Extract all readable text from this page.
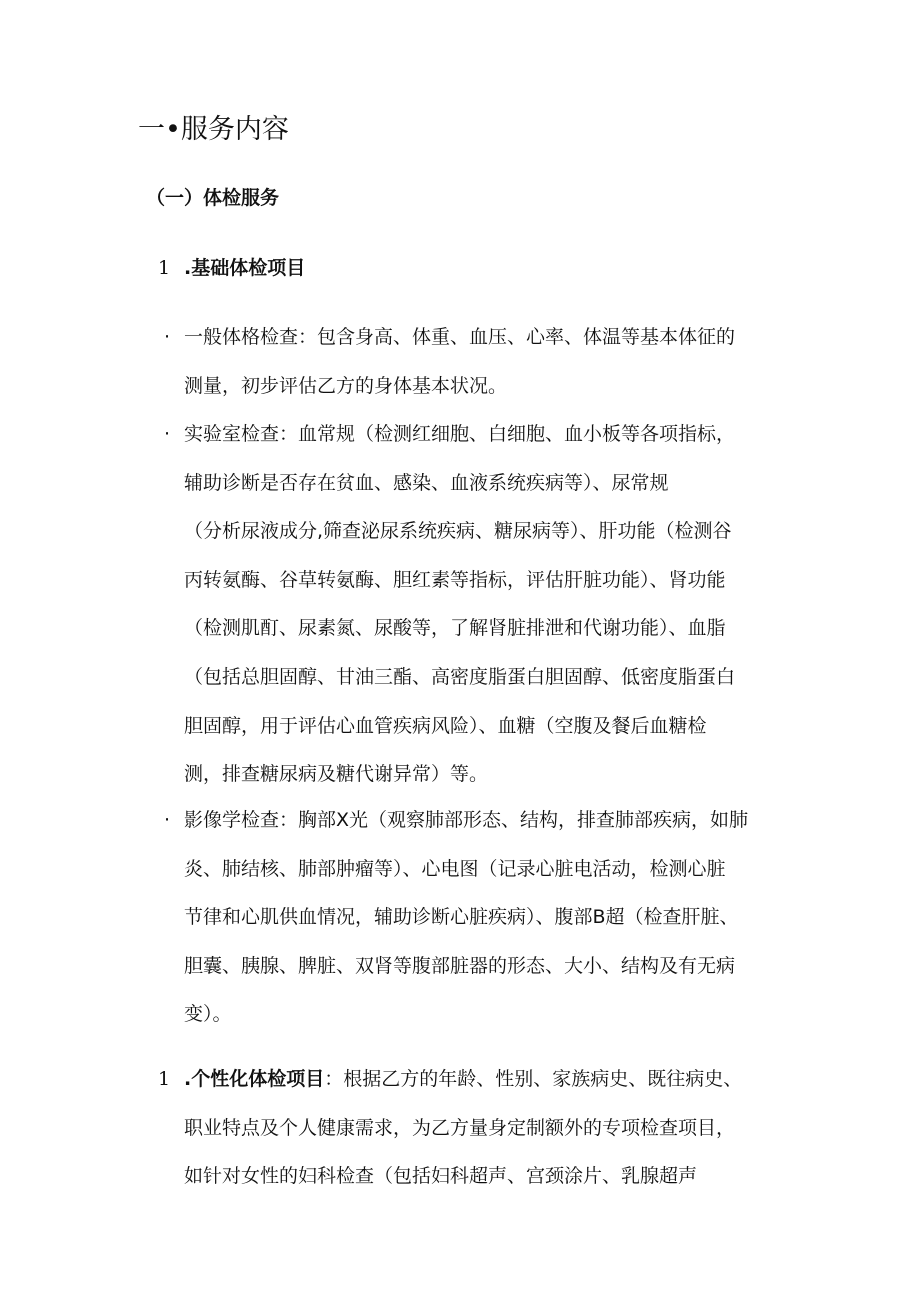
一•服务内容
（一）体检服务
1 .基础体检项目
· 一般体格检查：包含身高、体重、血压、心率、体温等基本体征的
测量，初步评估乙方的身体基本状况。
· 实验室检查：血常规（检测红细胞、白细胞、血小板等各项指标，
辅助诊断是否存在贫血、感染、血液系统疾病等）、尿常规
（分析尿液成分,筛查泌尿系统疾病、糖尿病等）、肝功能（检测谷
丙转氨酶、谷草转氨酶、胆红素等指标，评估肝脏功能）、肾功能
（检测肌酊、尿素氮、尿酸等，了解肾脏排泄和代谢功能）、血脂
（包括总胆固醇、甘油三酯、高密度脂蛋白胆固醇、低密度脂蛋白
胆固醇，用于评估心血管疾病风险）、血糖（空腹及餐后血糖检
测，排查糖尿病及糖代谢异常）等。
· 影像学检查：胸部X光（观察肺部形态、结构，排查肺部疾病，如肺
炎、肺结核、肺部肿瘤等）、心电图（记录心脏电活动，检测心脏
节律和心肌供血情况，辅助诊断心脏疾病）、腹部B超（检查肝脏、
胆囊、胰腺、脾脏、双肾等腹部脏器的形态、大小、结构及有无病
变）。
1 .个性化体检项目：根据乙方的年龄、性别、家族病史、既往病史、
职业特点及个人健康需求，为乙方量身定制额外的专项检查项目，
如针对女性的妇科检查（包括妇科超声、宫颈涂片、乳腺超声
